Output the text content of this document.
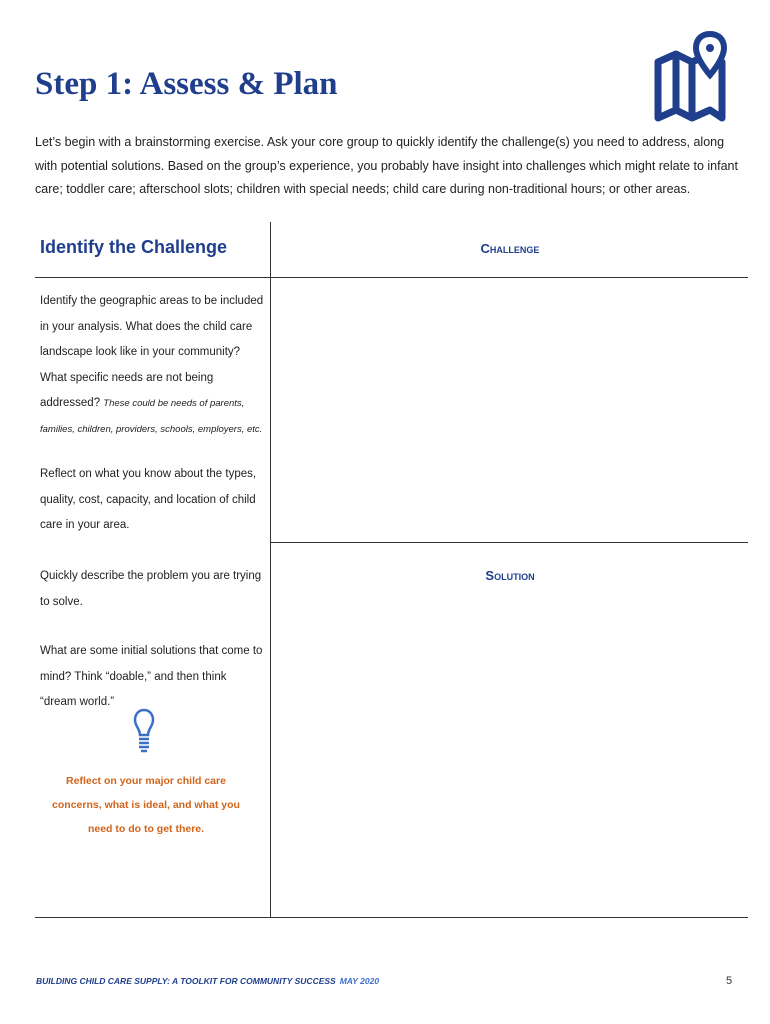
Step 1: Assess & Plan

Let’s begin with a brainstorming exercise. Ask your core group to quickly identify the challenge(s) you need to address, along with potential solutions. Based on the group’s experience, you probably have insight into challenges which might relate to infant care; toddler care; afterschool slots; children with special needs; child care during non-traditional hours; or other areas.

Identify the Challenge	Challenge
Solution

Identify the geographic areas to be included in your analysis. What does the child care landscape look like in your community? What specific needs are not being addressed? These could be needs of parents, families, children, providers, schools, employers, etc.

Reflect on what you know about the types, quality, cost, capacity, and location of child care in your area.

Quickly describe the problem you are trying to solve.

What are some initial solutions that come to mind? Think “doable,” and then think “dream world.”

Reflect on your major child care concerns, what is ideal, and what you need to do to get there.

BUILDING CHILD CARE SUPPLY: A TOOLKIT FOR COMMUNITY SUCCESS MAY 2020	5
